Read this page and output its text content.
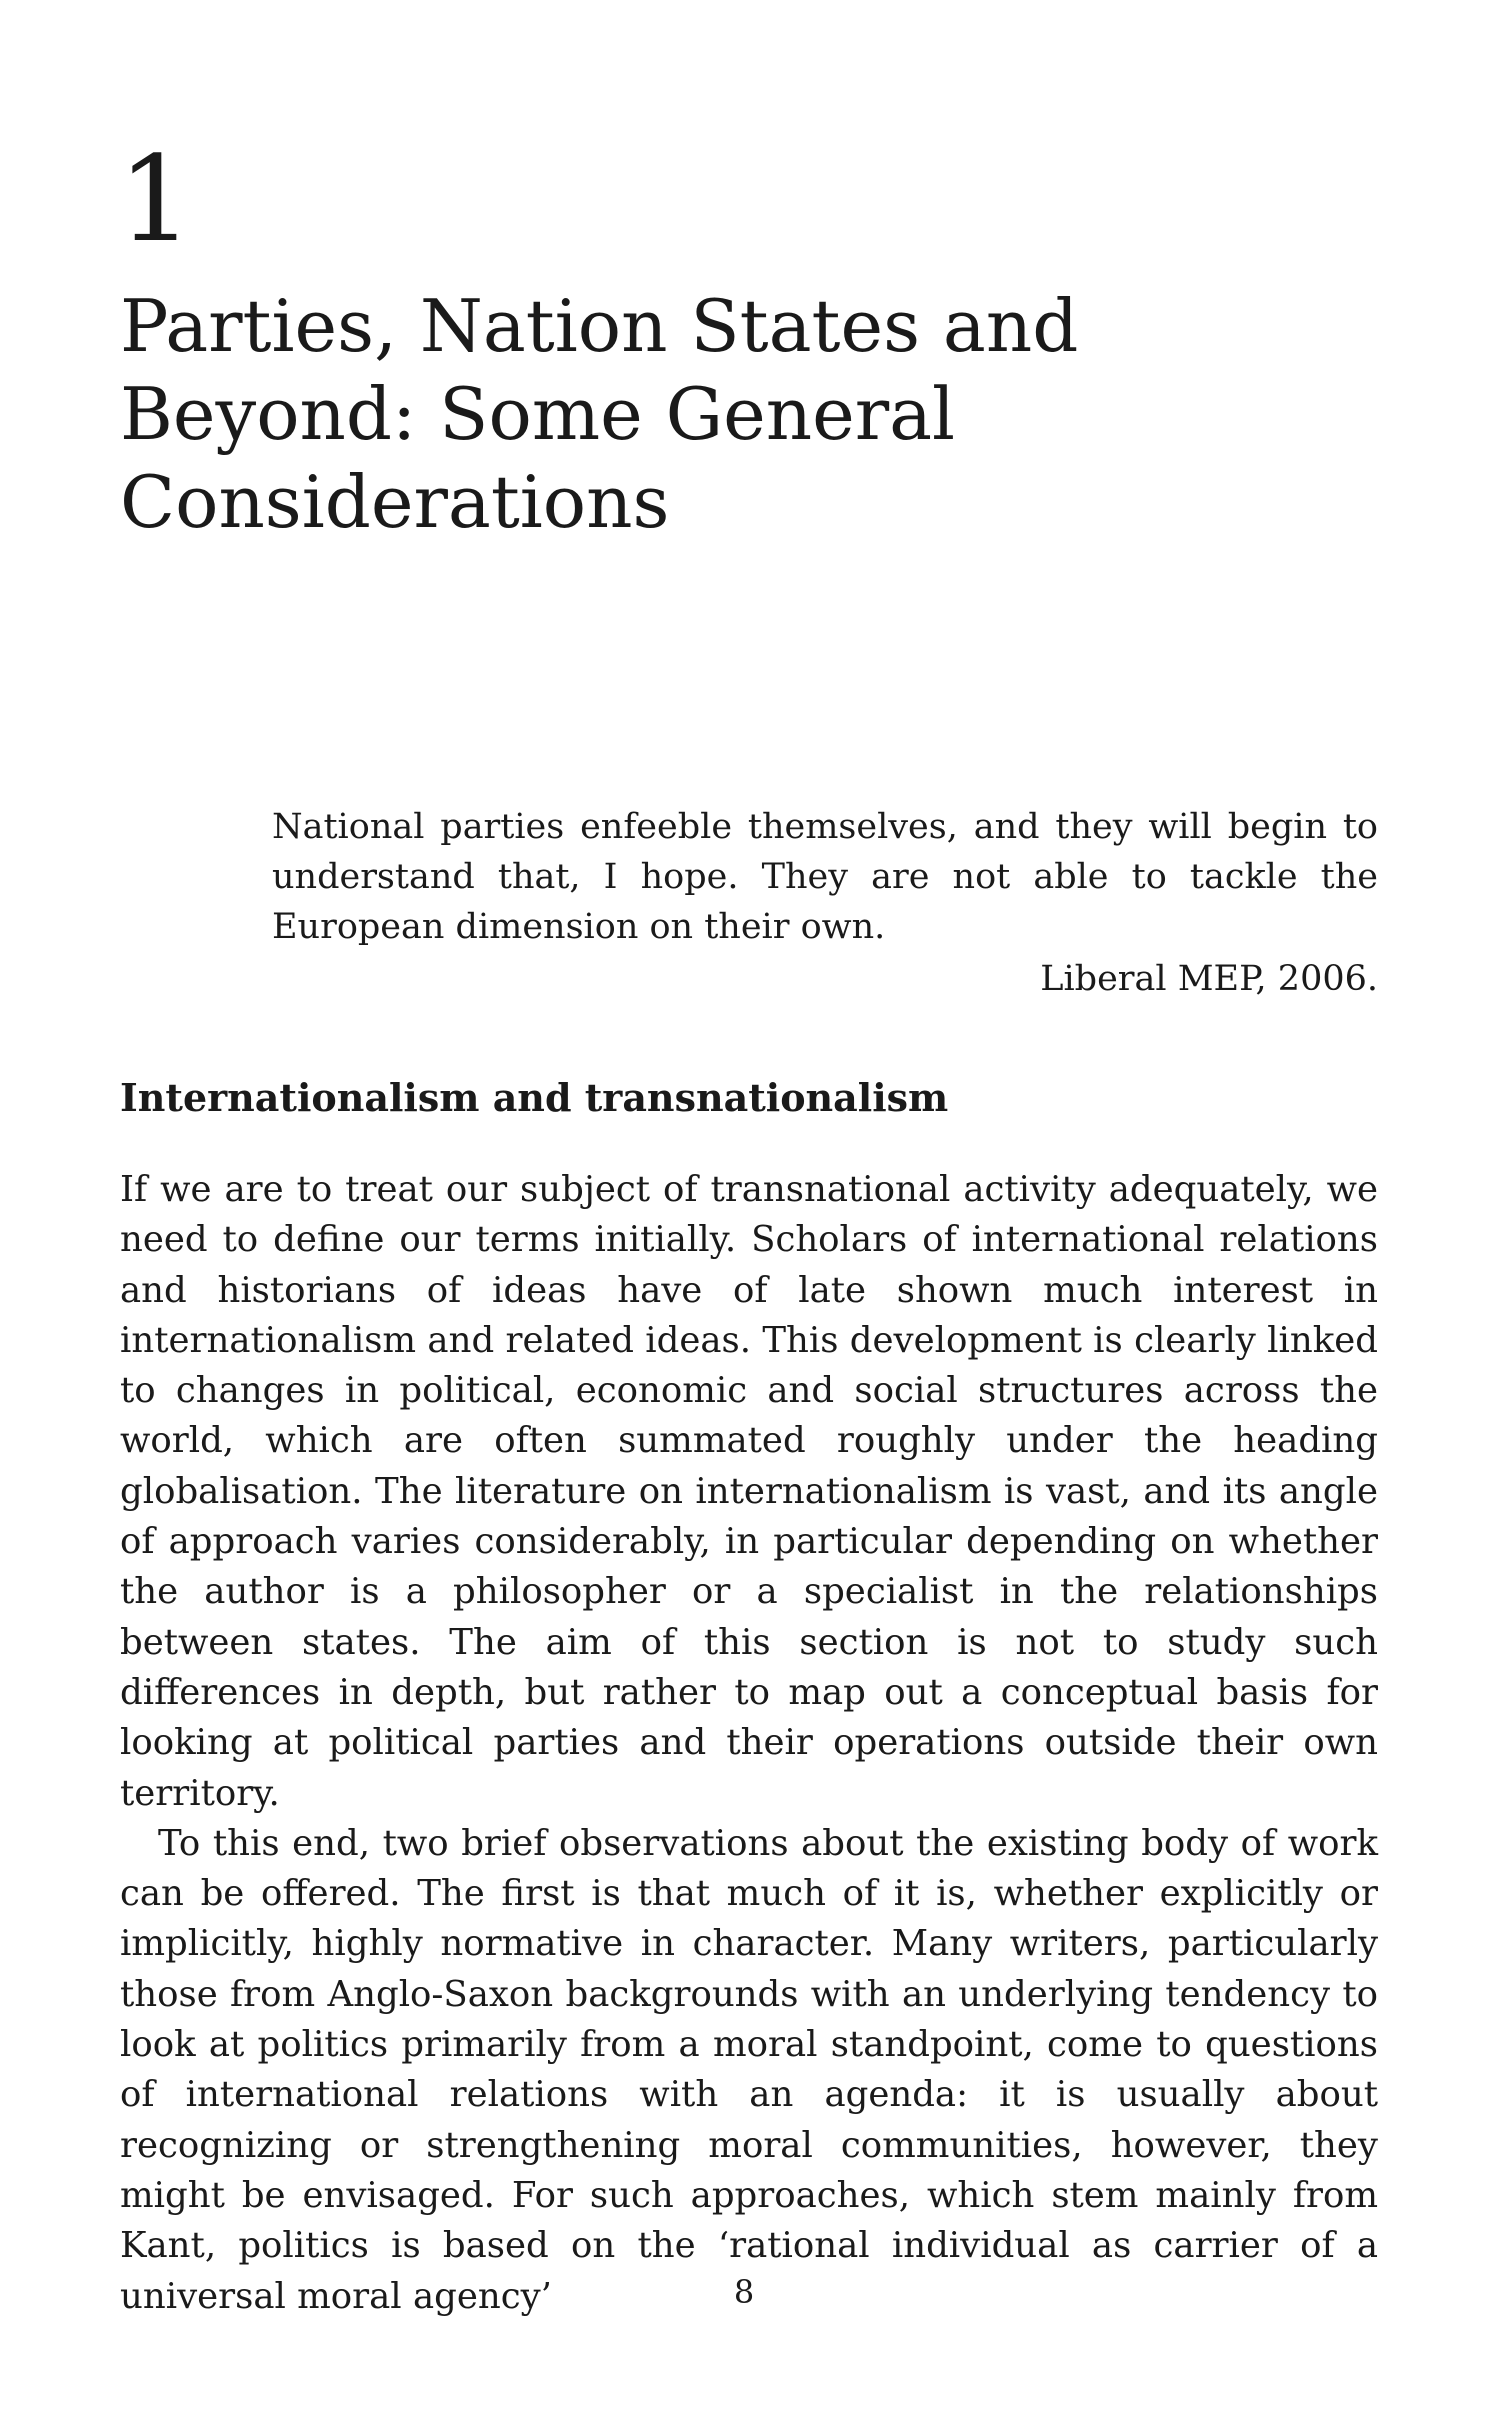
1
Parties, Nation States and Beyond: Some General Considerations
National parties enfeeble themselves, and they will begin to understand that, I hope. They are not able to tackle the European dimension on their own.
Liberal MEP, 2006.
Internationalism and transnationalism

If we are to treat our subject of transnational activity adequately, we need to define our terms initially. Scholars of international relations and historians of ideas have of late shown much interest in internationalism and related ideas. This development is clearly linked to changes in political, economic and social structures across the world, which are often summated roughly under the heading globalisation. The literature on internationalism is vast, and its angle of approach varies considerably, in particular depending on whether the author is a philosopher or a specialist in the relationships between states. The aim of this section is not to study such differences in depth, but rather to map out a conceptual basis for looking at political parties and their operations outside their own territory.

To this end, two brief observations about the existing body of work can be offered. The first is that much of it is, whether explicitly or implicitly, highly normative in character. Many writers, particularly those from Anglo-Saxon backgrounds with an underlying tendency to look at politics primarily from a moral standpoint, come to questions of international relations with an agenda: it is usually about recognizing or strengthening moral communities, however, they might be envisaged. For such approaches, which stem mainly from Kant, politics is based on the ‘rational individual as carrier of a universal moral agency’	8
